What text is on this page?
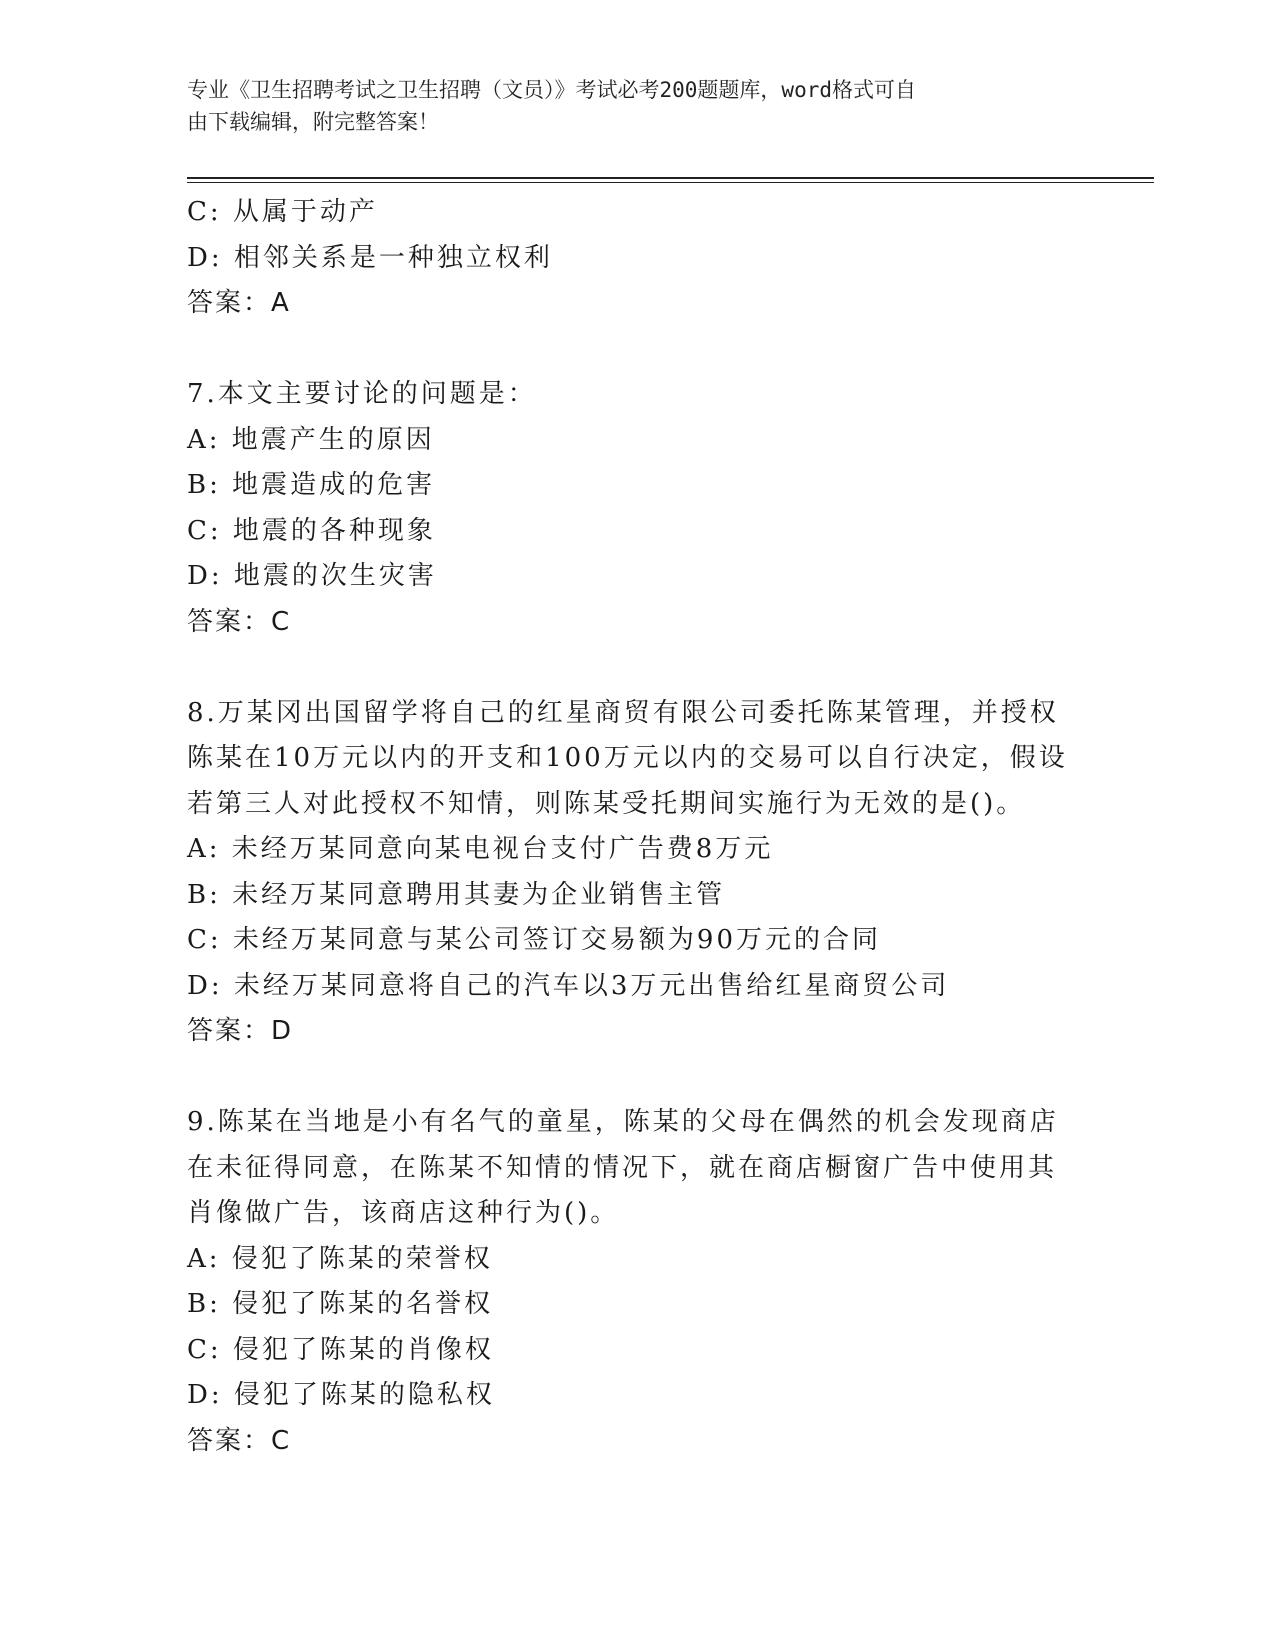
专业《卫生招聘考试之卫生招聘（文员）》考试必考200题题库，word格式可自
由下载编辑，附完整答案！
C: 从属于动产
D: 相邻关系是一种独立权利
答案：A
7.本文主要讨论的问题是：
A: 地震产生的原因
B: 地震造成的危害
C: 地震的各种现象
D: 地震的次生灾害
答案：C
8.万某冈出国留学将自己的红星商贸有限公司委托陈某管理，并授权
陈某在10万元以内的开支和100万元以内的交易可以自行决定，假设
若第三人对此授权不知情，则陈某受托期间实施行为无效的是()。
A: 未经万某同意向某电视台支付广告费8万元
B: 未经万某同意聘用其妻为企业销售主管
C: 未经万某同意与某公司签订交易额为90万元的合同
D: 未经万某同意将自己的汽车以3万元出售给红星商贸公司
答案：D
9.陈某在当地是小有名气的童星，陈某的父母在偶然的机会发现商店
在未征得同意，在陈某不知情的情况下，就在商店橱窗广告中使用其
肖像做广告，该商店这种行为()。
A: 侵犯了陈某的荣誉权
B: 侵犯了陈某的名誉权
C: 侵犯了陈某的肖像权
D: 侵犯了陈某的隐私权
答案：C
